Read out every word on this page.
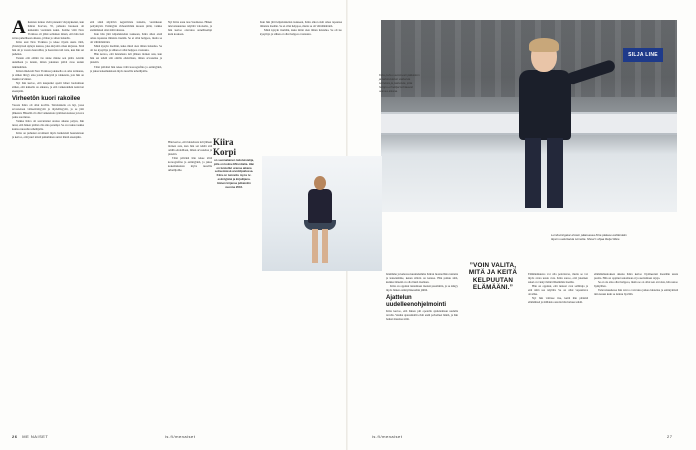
Aikaisten tuntua vielä pienenä väsynykseksi, kun Kiiran Korven, 35, pahuuta huoneen oli kuitenkin varsinkin kaksi. Kolme vittä New Yorkissa oli jääni sellainen missä, että hän heti tottua puhelliseen alkaan, yötäan jo sitten luistella.

Kiira asui New Yorkissa ja tekee täysin uusia töitä, yhteistyössä Ayleyn kanssa, joka kirjoitti oman kirjansa. Siitä hän oli jo vuosia haaveillut, ja haaveista tuli totta, kun hän sai puhelun.

Tunsin että elämä vie sinne minne sen pitää. Aloitin uudelleen ja tunsin, miten jokainen päivä avaa uuden näkökulman.

Kiiran mielestä New Yorkissa jokaisella on oma tarinansa, ja siihen liittyy aina jotain sitkeyttä ja rohkeutta, jota hän on itsekin tarvinnut.

Nyt hän kertoo, että kaupunki opetti hänet luottamaan siihen, että kaikella on aikansa, ja että vaikeudetkin kantavat eteenpäin.

Virheetön kuori rakoilee

Vuosia Kiira oli ollut kovilla. Taitoluistelu on laji, jossa arvostetaan virheettömyyttä ja täydellisyyttä, ja se jätti jälkensä. Hänellä oli ollut vaikeuksia syömisen kanssa ja kova paine suoriutua.

Vaikka Kiira oli saavuttanut uransa aikana paljon, hän tunsi, että hänen pitäisi olla aina parempi. Se on raskas taakka kantaa nuorelle urheilijalle.

Kiira on puhunut avoimesti myös henkisistä haasteistaan ja kertoo, että juuri niistä puhuminen auttoi häntä eteenpäin.

että siinä näyttävä negatiivisia tunteita, varsinkaan pettymystä. Esiintyjän virheettömän kuoren pitää, vaikka sisimmässä olisi mitä tahansa.

Kun hän jätti kilpaluistelun taakseen, Kiira alkoi etsiä omaa tapaansa ilmaista itseään. Se ei ollut helppoa, mutta se oli välttämätöntä.

Minä kysyin itseltäni, kuka minä olen ilman luistelua. Se oli iso kysymys ja siihen ei ollut helppoa vastausta.

Hän kertoo, että luistelusta tuli jälleen iloinen asia, kun hän sai tehdä sitä omilla ehdoillaan, ilman arvostelua ja pisteitä.

Tänä päivänä hän tekee töitä koreografina ja esiintyjänä, ja jakaa kokemuksiaan myös nuorille urheilijoille.

Nyt Kiira asuu taas Suomessa. Hänen tulevaisuutensa näyttää valoisalta, ja hän kertoo olevansa onnellisempi kuin koskaan.

Kiira Korpi
on suomalainen taitoluistelija, jolla on kolme EM-mitalia. Hän on luistellut uransa aikana seitsemässä arvokilpailussa. Kiira on tunnettu myös tv-esiintyjänä ja kirjailijana. Hänen kirjansa julkaistiin vuonna 2016.

Hän kertoo, että luistelusta tuli jälleen iloinen asia, kun hän sai tehdä sitä omilla ehdoillaan, ilman arvostelua ja pisteitä.

Tänä päivänä hän tekee töitä koreografina ja esiintyjänä, ja jakaa kokemuksiaan myös nuorille urheilijoille.

Kun hän jätti kilpaluistelun taakseen, Kiira alkoi etsiä omaa tapaansa ilmaista itseään. Se ei ollut helppoa, mutta se oli välttämätöntä.

Minä kysyin itseltäni, kuka minä olen ilman luistelua. Se oli iso kysymys ja siihen ei ollut helppoa vastausta.

SILJA LINE
Kiira puhuu avoimesti jääkiekon ja taitoluistelun vaikeista tunteista ja paineista, joita huippu-urheilijat kohtaavat uransa aikana.
Lumikuningatar-shown pääosassa Kiira pääsee esittämään täysin uudenlaista tunnetta. Show'n ohjaa Reija Wäre.

Istuimme ja kehossa kuuntelemme Kiiran luonnollista tunteita ja katselemme, kenen silloin on kanssa. Hän puhuu siitä, kuinka tärkeää on olla läsnä itselleen.

Kiira on oppinut tuntemaan itsensä paremmin, ja se näkyy myös hänen esiintymisessään jäällä.

Ajattelun uudelleenohjelmointi

Kiira kertoo, että hänen piti opetella ajattelemaan uudella tavalla. Vanhat ajatusmallit eivät enää palvelleet häntä, ja hän halusi muuttaa niitä.

”VOIN VALITA, MITÄ JA KEITÄ KELPUUTAN ELÄMÄÄNI.”

Elämänmuutos voi olla pelottavaa, mutta se voi myös avata uusia ovia. Kiira sanoo, että jokainen askel on vienyt häntä lähemmäs itseään.

Hän on oppinut, että tunteet ovat sallittuja ja että niitä saa näyttää. Se on ollut vapauttava oivallus.

Nyt hän valitsee itse, keitä hän päästää elämäänsä ja millaisia asioita hän haluaa tehdä.

elämänmuutoksen aikana Kiira kertoo löytäneensä itsestään uusia puolia. Hän on oppinut sanomaan ei ja asettamaan rajoja.

Se ei ole aina ollut helppoa, mutta se on ollut sen arvoista, hän sanoo hymyillen.

Tulevaisuudessa hän toivoo voivansa jatkaa luistelua ja esiintymistä niin kauan kuin se tuntuu hyvältä.

26 ME NAISET	is.fi/menaiset	is.fi/menaiset	27
